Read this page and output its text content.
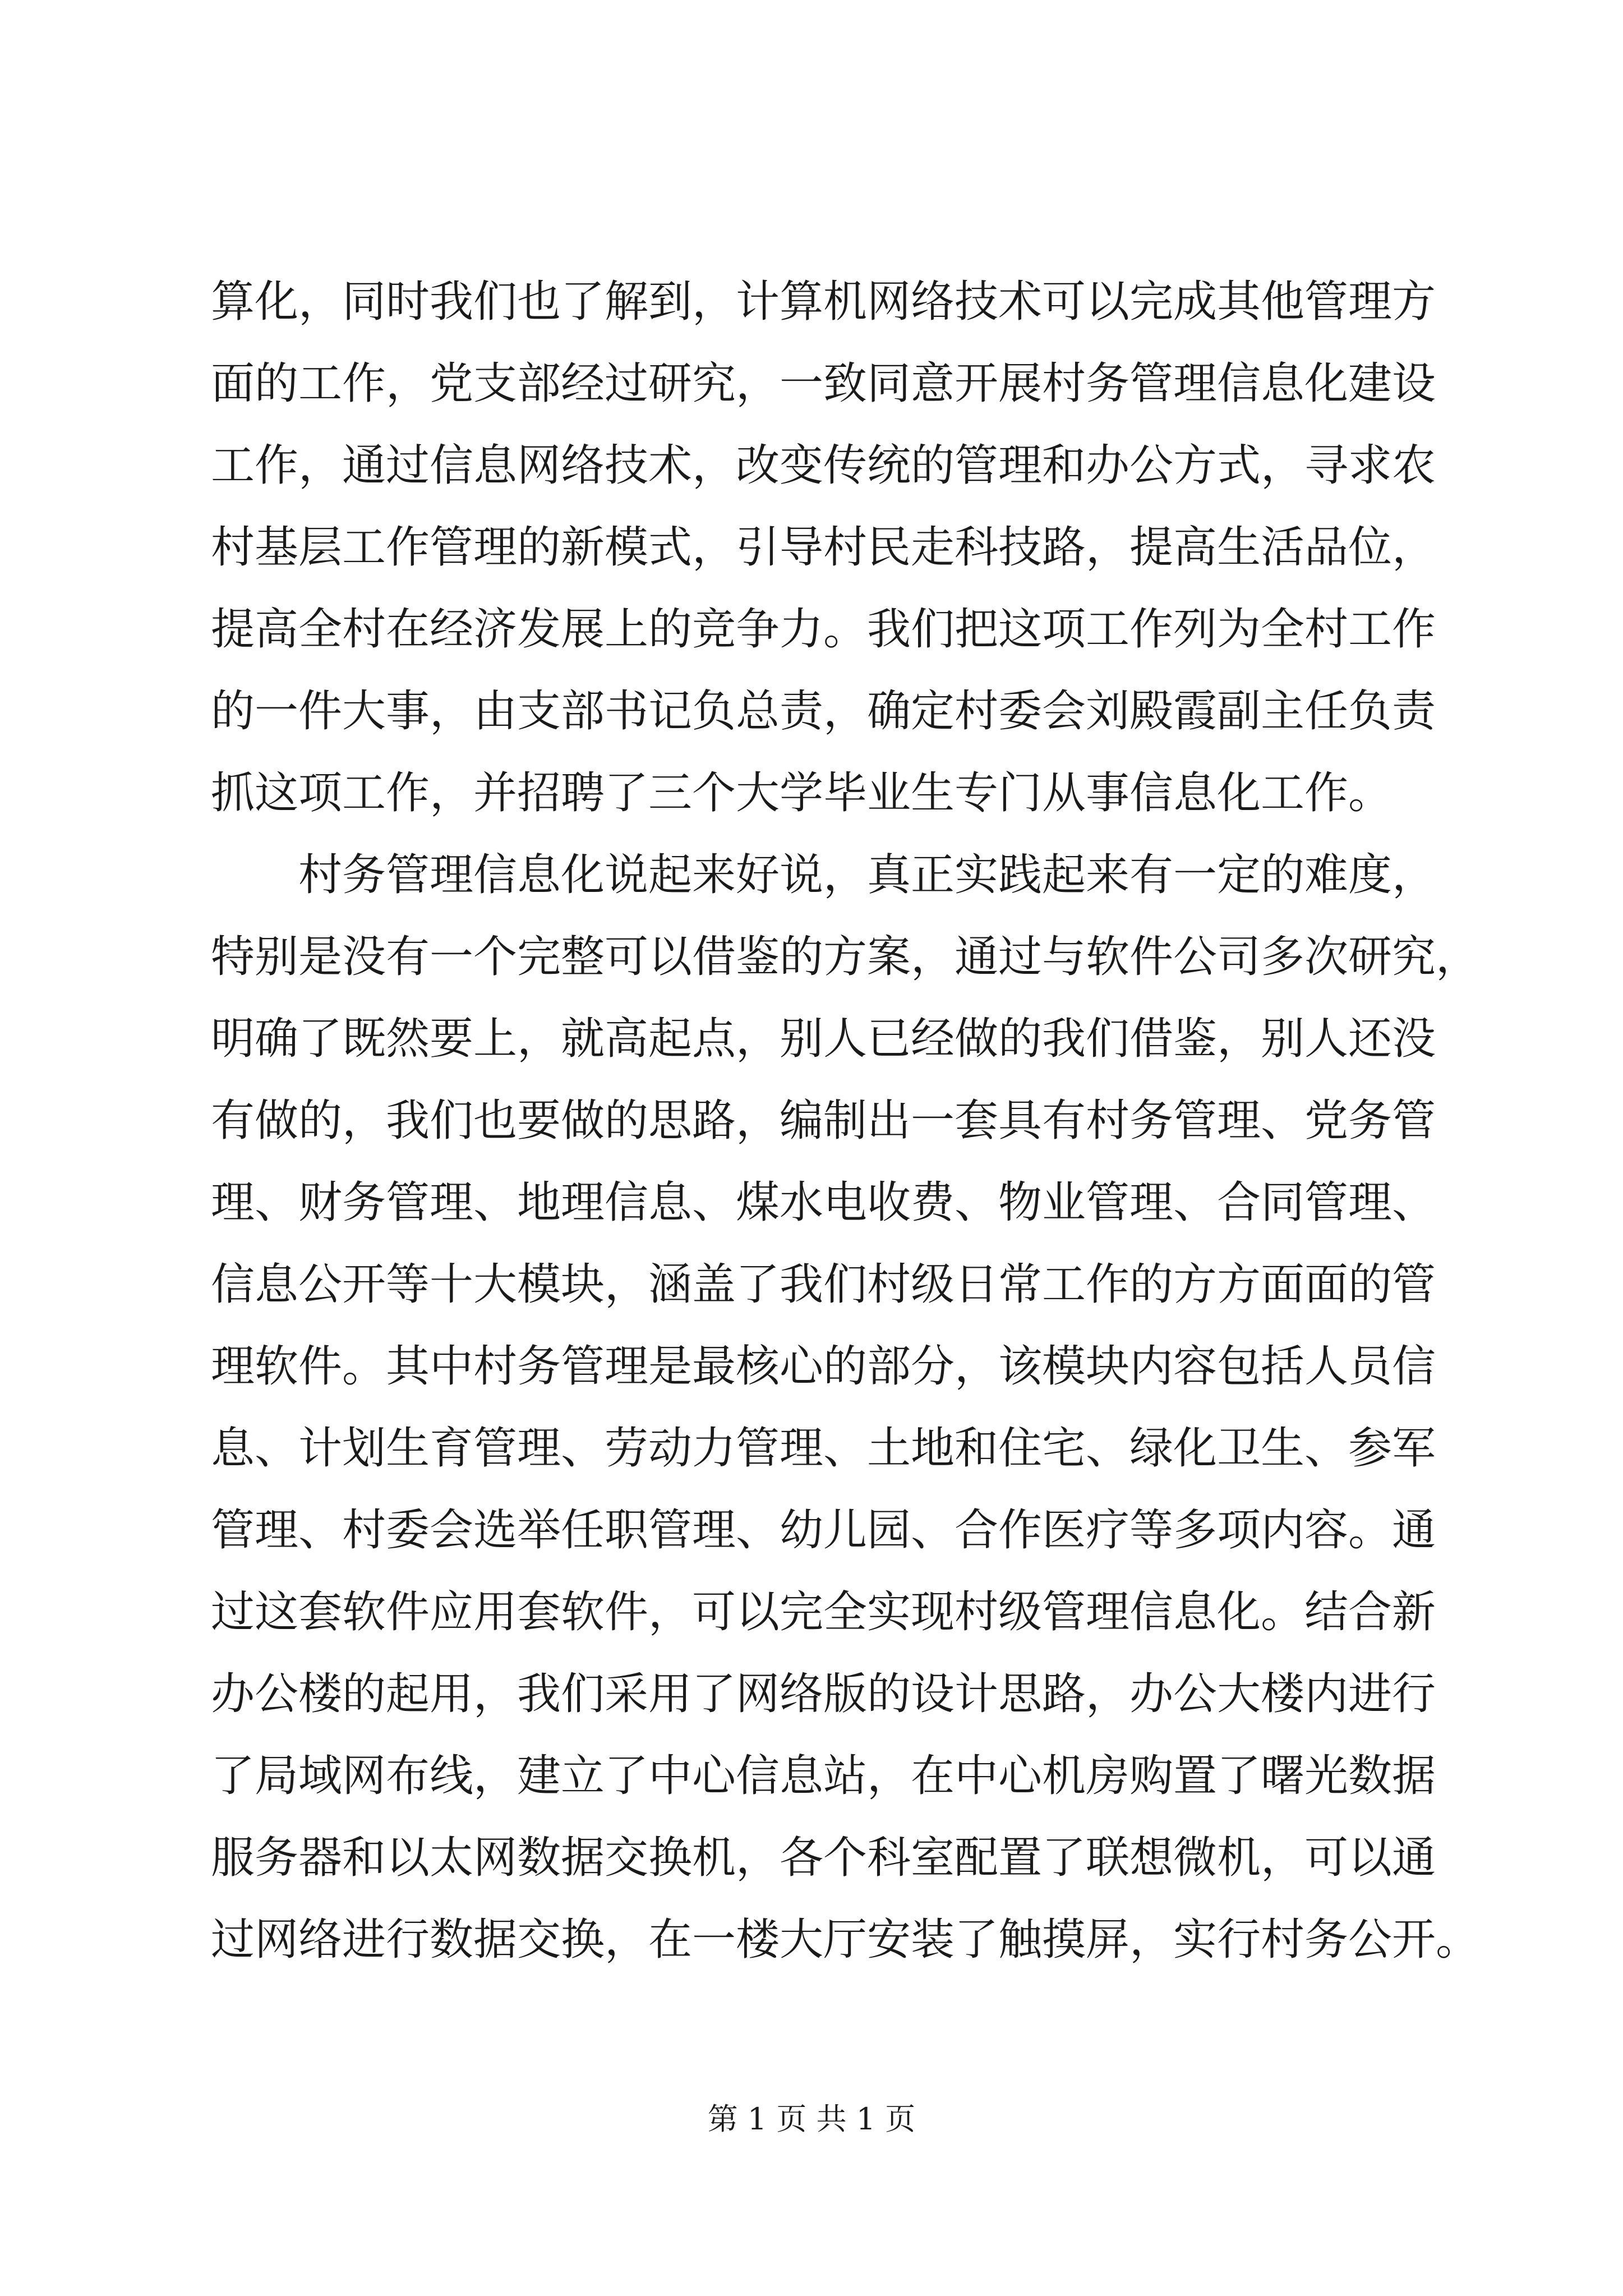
算化，同时我们也了解到，计算机网络技术可以完成其他管理方
面的工作，党支部经过研究，一致同意开展村务管理信息化建设
工作，通过信息网络技术，改变传统的管理和办公方式，寻求农
村基层工作管理的新模式，引导村民走科技路，提高生活品位，
提高全村在经济发展上的竞争力。我们把这项工作列为全村工作
的一件大事，由支部书记负总责，确定村委会刘殿霞副主任负责
抓这项工作，并招聘了三个大学毕业生专门从事信息化工作。
村务管理信息化说起来好说，真正实践起来有一定的难度，
特别是没有一个完整可以借鉴的方案，通过与软件公司多次研究，
明确了既然要上，就高起点，别人已经做的我们借鉴，别人还没
有做的，我们也要做的思路，编制出一套具有村务管理、党务管
理、财务管理、地理信息、煤水电收费、物业管理、合同管理、
信息公开等十大模块，涵盖了我们村级日常工作的方方面面的管
理软件。其中村务管理是最核心的部分，该模块内容包括人员信
息、计划生育管理、劳动力管理、土地和住宅、绿化卫生、参军
管理、村委会选举任职管理、幼儿园、合作医疗等多项内容。通
过这套软件应用套软件，可以完全实现村级管理信息化。结合新
办公楼的起用，我们采用了网络版的设计思路，办公大楼内进行
了局域网布线，建立了中心信息站，在中心机房购置了曙光数据
服务器和以太网数据交换机，各个科室配置了联想微机，可以通
过网络进行数据交换，在一楼大厅安装了触摸屏，实行村务公开。
第 1 页 共 1 页
